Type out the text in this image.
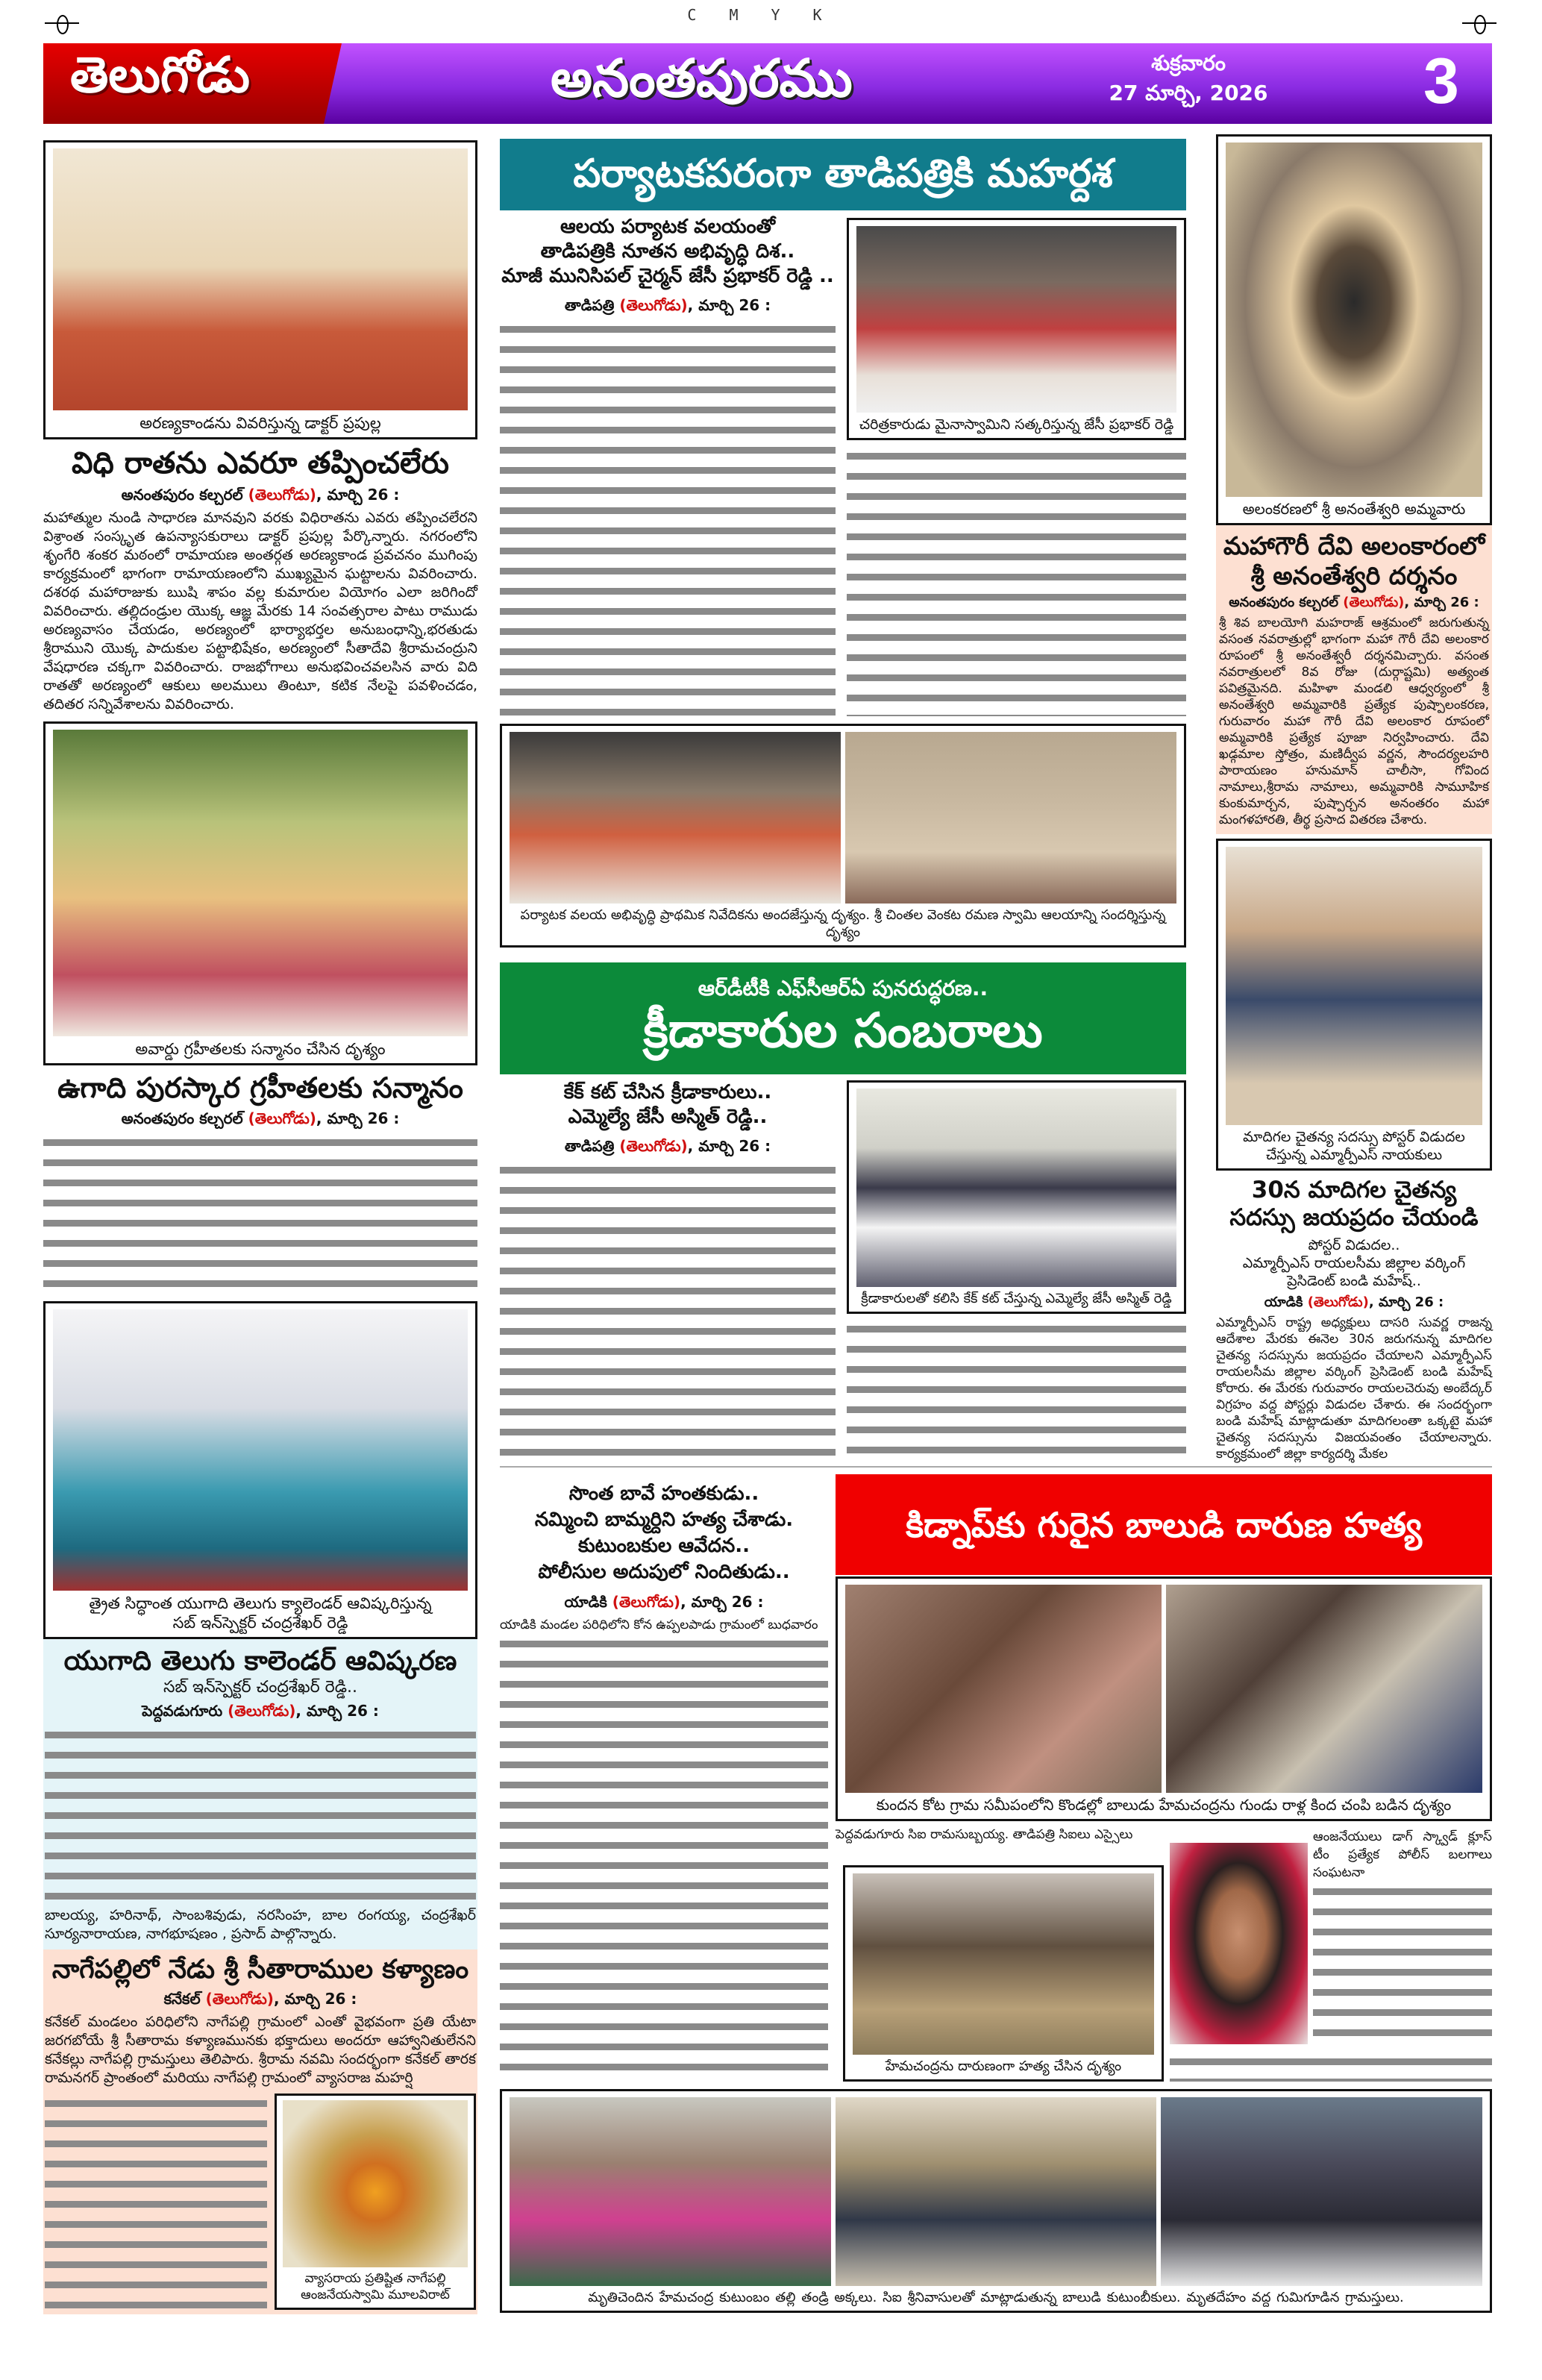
CMYK
తెలుగోడు	అనంతపురము	శుక్రవారం
27 మార్చి, 2026 3
అరణ్యకాండను వివరిస్తున్న డాక్టర్ ప్రపుల్ల
విధి రాతను ఎవరూ తప్పించలేరు
అనంతపురం కల్చరల్ (తెలుగోడు), మార్చి 26 :
మహాత్ముల నుండి సాధారణ మానవుని వరకు విధిరాతను ఎవరు తప్పించలేరని విశ్రాంత సంస్కృత ఉపన్యాసకురాలు డాక్టర్ ప్రపుల్ల పేర్కొన్నారు. నగరంలోని శృంగేరి శంకర మఠంలో రామాయణ అంతర్గత అరణ్యకాండ ప్రవచనం ముగింపు కార్యక్రమంలో భాగంగా రామాయణంలోని ముఖ్యమైన ఘట్టాలను వివరించారు. దశరథ మహారాజుకు ఋషి శాపం వల్ల కుమారుల వియోగం ఎలా జరిగిందో వివరించారు. తల్లిదండ్రుల యొక్క ఆజ్ఞ మేరకు 14 సంవత్సరాల పాటు రాముడు అరణ్యవాసం చేయడం, అరణ్యంలో భార్యాభర్తల అనుబంధాన్ని,భరతుడు శ్రీరాముని యొక్క పాదుకుల పట్టాభిషేకం, అరణ్యంలో సీతాదేవి శ్రీరామచంద్రుని వేషధారణ చక్కగా వివరించారు. రాజభోగాలు అనుభవించవలసిన వారు విది రాతతో అరణ్యంలో ఆకులు అలములు తింటూ, కటిక నేలపై పవళించడం, తదితర సన్నివేశాలను వివరించారు.
అవార్డు గ్రహీతలకు సన్మానం చేసిన దృశ్యం
ఉగాది పురస్కార గ్రహీతలకు సన్మానం
అనంతపురం కల్చరల్ (తెలుగోడు), మార్చి 26 :
త్రైత సిద్ధాంత యుగాది తెలుగు క్యాలెండర్ ఆవిష్కరిస్తున్న
సబ్ ఇన్‌స్పెక్టర్ చంద్రశేఖర్ రెడ్డి
యుగాది తెలుగు కాలెండర్ ఆవిష్కరణ
సబ్ ఇన్‌స్పెక్టర్ చంద్రశేఖర్ రెడ్డి..
పెద్దవడుగూరు (తెలుగోడు), మార్చి 26 :
బాలయ్య, హరినాథ్, సాంబశివుడు, నరసింహ, బాల రంగయ్య, చంద్రశేఖర్ సూర్యనారాయణ, నాగభూషణం , ప్రసాద్ పాల్గొన్నారు.
నాగేపల్లిలో నేడు శ్రీ సీతారాముల కళ్యాణం
కనేకల్ (తెలుగోడు), మార్చి 26 :
కనేకల్ మండలం పరిధిలోని నాగేపల్లి గ్రామంలో ఎంతో వైభవంగా ప్రతి యేటా జరగబోయే శ్రీ సీతారామ కళ్యాణమునకు భక్తాదులు అందరూ ఆహ్వానితులేనని కనేకల్లు నాగేపల్లి గ్రామస్తులు తెలిపారు. శ్రీరామ నవమి సందర్భంగా కనేకల్ తారక రామనగర్ ప్రాంతంలో మరియు నాగేపల్లి గ్రామంలో వ్యాసరాజ మహర్షి
వ్యాసరాయ ప్రతిష్టిత నాగేపల్లి ఆంజనేయస్వామి మూలవిరాట్
పర్యాటకపరంగా తాడిపత్రికి మహర్దశ
ఆలయ పర్యాటక వలయంతో
తాడిపత్రికి నూతన అభివృద్ధి దిశ..
మాజీ మునిసిపల్ చైర్మన్ జేసీ ప్రభాకర్ రెడ్డి ..
తాడిపత్రి (తెలుగోడు), మార్చి 26 :
చరిత్రకారుడు మైనాస్వామిని సత్కరిస్తున్న జేసీ ప్రభాకర్ రెడ్డి
పర్యాటక వలయ అభివృద్ధి ప్రాథమిక నివేదికను అందజేస్తున్న దృశ్యం. శ్రీ చింతల వెంకట రమణ స్వామి ఆలయాన్ని సందర్శిస్తున్న దృశ్యం
ఆర్‌డీటీకి ఎఫ్‌సీఆర్‌ఏ పునరుద్ధరణ..
క్రీడాకారుల సంబరాలు
కేక్ కట్ చేసిన క్రీడాకారులు..
ఎమ్మెల్యే జేసీ అస్మిత్ రెడ్డి..
తాడిపత్రి (తెలుగోడు), మార్చి 26 :
క్రీడాకారులతో కలిసి కేక్ కట్ చేస్తున్న ఎమ్మెల్యే జేసీ అస్మిత్ రెడ్డి
సొంత బావే హంతకుడు..
నమ్మించి బామ్మర్దిని హత్య చేశాడు.
కుటుంబకుల ఆవేదన..
పోలీసుల అదుపులో నిందితుడు..
యాడికి (తెలుగోడు), మార్చి 26 :
యాడికి మండల పరిధిలోని కోన ఉప్పలపాడు గ్రామంలో బుధవారం
కిడ్నాప్‌కు గురైన బాలుడి దారుణ హత్య
కుందన కోట గ్రామ సమీపంలోని కొండల్లో బాలుడు హేమచంద్రను గుండు రాళ్ల కింద చంపి బడిన దృశ్యం
పెద్దవడుగూరు సిఐ రామసుబ్బయ్య. తాడిపత్రి సిఐలు ఎస్సైలు
హేమచంద్రను దారుణంగా హత్య చేసిన దృశ్యం
ఆంజనేయులు డాగ్ స్క్వాడ్ క్లూస్ టీం ప్రత్యేక పోలీస్ బలగాలు సంఘటనా
మృతిచెందిన హేమచంద్ర కుటుంబం తల్లి తండ్రి అక్కలు. సిఐ శ్రీనివాసులతో మాట్లాడుతున్న బాలుడి కుటుంబీకులు. మృతదేహం వద్ద గుమిగూడిన గ్రామస్తులు.
అలంకరణలో శ్రీ అనంతేశ్వరి అమ్మవారు
మహాగౌరీ దేవి అలంకారంలో
శ్రీ అనంతేశ్వరి దర్శనం
అనంతపురం కల్చరల్ (తెలుగోడు), మార్చి 26 :
శ్రీ శివ బాలయోగి మహరాజ్ ఆశ్రమంలో జరుగుతున్న వసంత నవరాత్రుల్లో భాగంగా మహా గౌరీ దేవి అలంకార రూపంలో శ్రీ అనంతేశ్వరీ దర్శనమిచ్చారు. వసంత నవరాత్రులలో 8వ రోజు (దుర్గాష్టమి) అత్యంత పవిత్రమైనది. మహిళా మండలి ఆధ్వర్యంలో శ్రీ అనంతేశ్వరి అమ్మవారికి ప్రత్యేక పుష్పాలంకరణ, గురువారం మహా గౌరీ దేవి అలంకార రూపంలో అమ్మవారికి ప్రత్యేక పూజా నిర్వహించారు. దేవి ఖడ్గమాల స్తోత్రం, మణిద్వీప వర్ణన, సౌందర్యలహరి పారాయణం హనుమాన్ చాలీసా, గోవింద నామాలు,శ్రీరామ నామాలు, అమ్మవారికి సామూహిక కుంకుమార్చన, పుష్పార్చన అనంతరం మహా మంగళహారతి, తీర్థ ప్రసాద వితరణ చేశారు.
మాదిగల చైతన్య సదస్సు పోస్టర్ విడుదల
చేస్తున్న ఎమ్మార్పీఎస్ నాయకులు
30న మాదిగల చైతన్య
సదస్సు జయప్రదం చేయండి
పోస్టర్ విడుదల..
ఎమ్మార్పీఎస్ రాయలసీమ జిల్లాల వర్కింగ్
ప్రెసిడెంట్ బండి మహేష్..
యాడికి (తెలుగోడు), మార్చి 26 :
ఎమ్మార్పీఎస్ రాష్ట్ర అధ్యక్షులు దాసరి సువర్ణ రాజన్న ఆదేశాల మేరకు ఈనెల 30న జరుగనున్న మాదిగల చైతన్య సదస్సును జయప్రదం చేయాలని ఎమ్మార్పీఎస్ రాయలసీమ జిల్లాల వర్కింగ్ ప్రెసిడెంట్ బండి మహేష్ కోరారు. ఈ మేరకు గురువారం రాయలచెరువు అంబేద్కర్ విగ్రహం వద్ద పోస్టర్లు విడుదల చేశారు. ఈ సందర్భంగా బండి మహేష్ మాట్లాడుతూ మాదిగలంతా ఒక్కటై మహా చైతన్య సదస్సును విజయవంతం చేయాలన్నారు. కార్యక్రమంలో జిల్లా కార్యదర్శి మేకల
